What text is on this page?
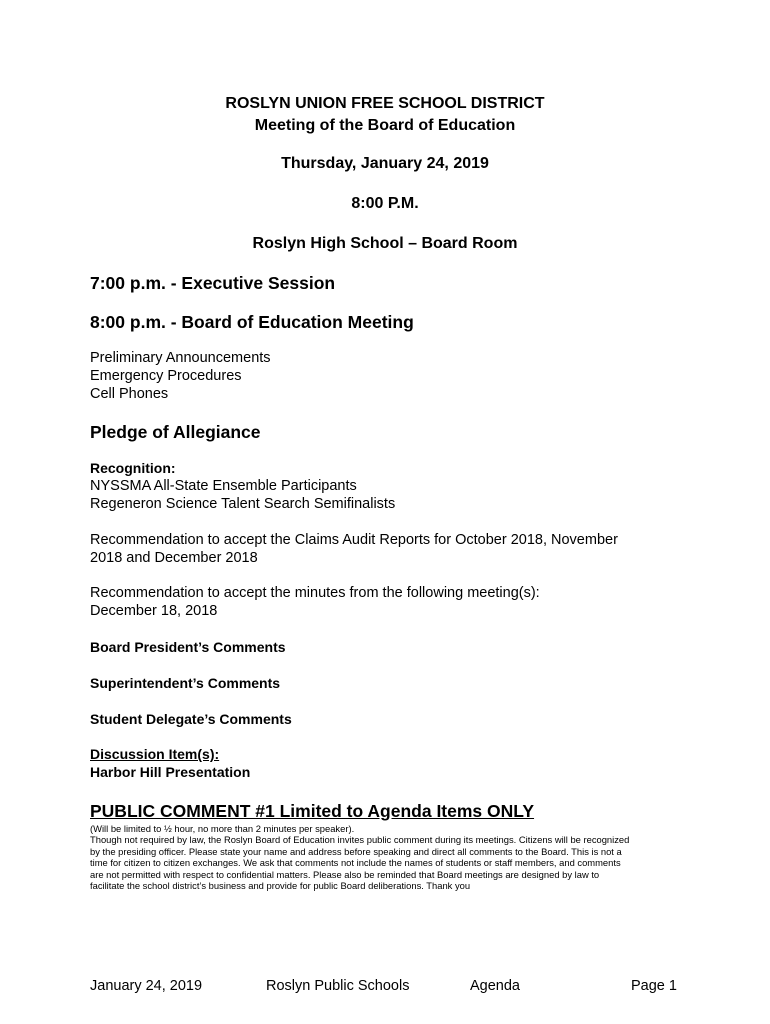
ROSLYN UNION FREE SCHOOL DISTRICT
Meeting of the Board of Education
Thursday, January 24, 2019
8:00 P.M.
Roslyn High School – Board Room
7:00 p.m. - Executive Session
8:00 p.m. - Board of Education Meeting
Preliminary Announcements
Emergency Procedures
Cell Phones
Pledge of Allegiance
Recognition:
NYSSMA All-State Ensemble Participants
Regeneron Science Talent Search Semifinalists
Recommendation to accept the Claims Audit Reports for October 2018, November
2018 and December 2018
Recommendation to accept the minutes from the following meeting(s):
December 18, 2018
Board President’s Comments
Superintendent’s Comments
Student Delegate’s Comments
Discussion Item(s):
Harbor Hill Presentation
PUBLIC COMMENT #1 Limited to Agenda Items ONLY
(Will be limited to ½ hour, no more than 2 minutes per speaker).
Though not required by law, the Roslyn Board of Education invites public comment during its meetings. Citizens will be recognized
by the presiding officer. Please state your name and address before speaking and direct all comments to the Board. This is not a
time for citizen to citizen exchanges. We ask that comments not include the names of students or staff members, and comments
are not permitted with respect to confidential matters. Please also be reminded that Board meetings are designed by law to
facilitate the school district’s business and provide for public Board deliberations. Thank you
January 24, 2019	Roslyn Public Schools	Agenda	Page 1
